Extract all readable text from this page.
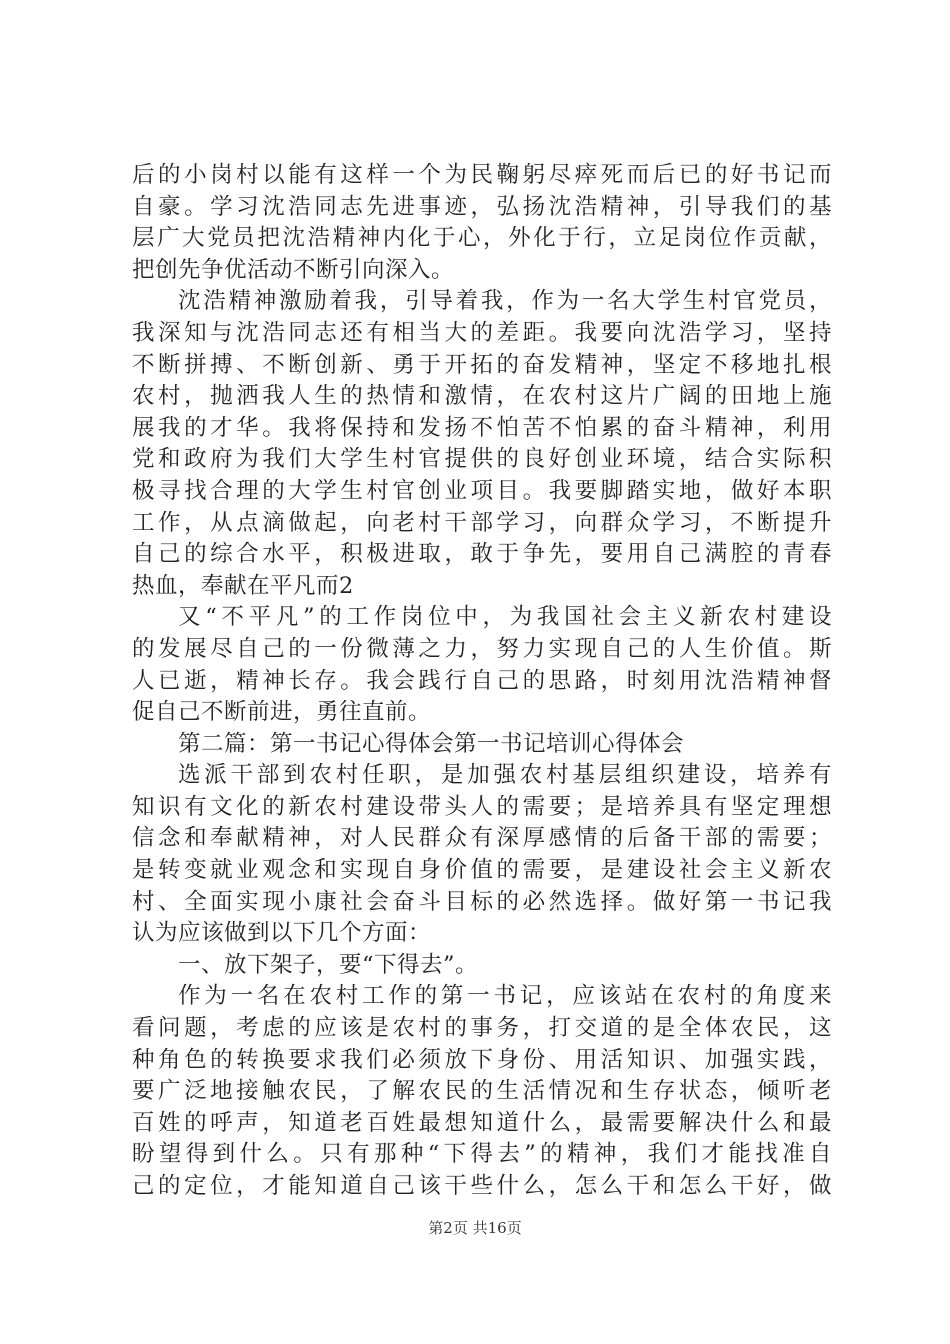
后的小岗村以能有这样一个为民鞠躬尽瘁死而后已的好书记而
自豪。学习沈浩同志先进事迹，弘扬沈浩精神，引导我们的基
层广大党员把沈浩精神内化于心，外化于行，立足岗位作贡献，
把创先争优活动不断引向深入。
沈浩精神激励着我，引导着我，作为一名大学生村官党员，
我深知与沈浩同志还有相当大的差距。我要向沈浩学习，坚持
不断拼搏、不断创新、勇于开拓的奋发精神，坚定不移地扎根
农村，抛洒我人生的热情和激情，在农村这片广阔的田地上施
展我的才华。我将保持和发扬不怕苦不怕累的奋斗精神，利用
党和政府为我们大学生村官提供的良好创业环境，结合实际积
极寻找合理的大学生村官创业项目。我要脚踏实地，做好本职
工作，从点滴做起，向老村干部学习，向群众学习，不断提升
自己的综合水平，积极进取，敢于争先，要用自己满腔的青春
热血，奉献在平凡而2
又“不平凡”的工作岗位中，为我国社会主义新农村建设
的发展尽自己的一份微薄之力，努力实现自己的人生价值。斯
人已逝，精神长存。我会践行自己的思路，时刻用沈浩精神督
促自己不断前进，勇往直前。
第二篇：第一书记心得体会第一书记培训心得体会
选派干部到农村任职，是加强农村基层组织建设，培养有
知识有文化的新农村建设带头人的需要；是培养具有坚定理想
信念和奉献精神，对人民群众有深厚感情的后备干部的需要；
是转变就业观念和实现自身价值的需要，是建设社会主义新农
村、全面实现小康社会奋斗目标的必然选择。做好第一书记我
认为应该做到以下几个方面：
一、放下架子，要“下得去”。
作为一名在农村工作的第一书记，应该站在农村的角度来
看问题，考虑的应该是农村的事务，打交道的是全体农民，这
种角色的转换要求我们必须放下身份、用活知识、加强实践，
要广泛地接触农民，了解农民的生活情况和生存状态，倾听老
百姓的呼声，知道老百姓最想知道什么，最需要解决什么和最
盼望得到什么。只有那种“下得去”的精神，我们才能找准自
己的定位，才能知道自己该干些什么，怎么干和怎么干好，做
第2页 共16页
